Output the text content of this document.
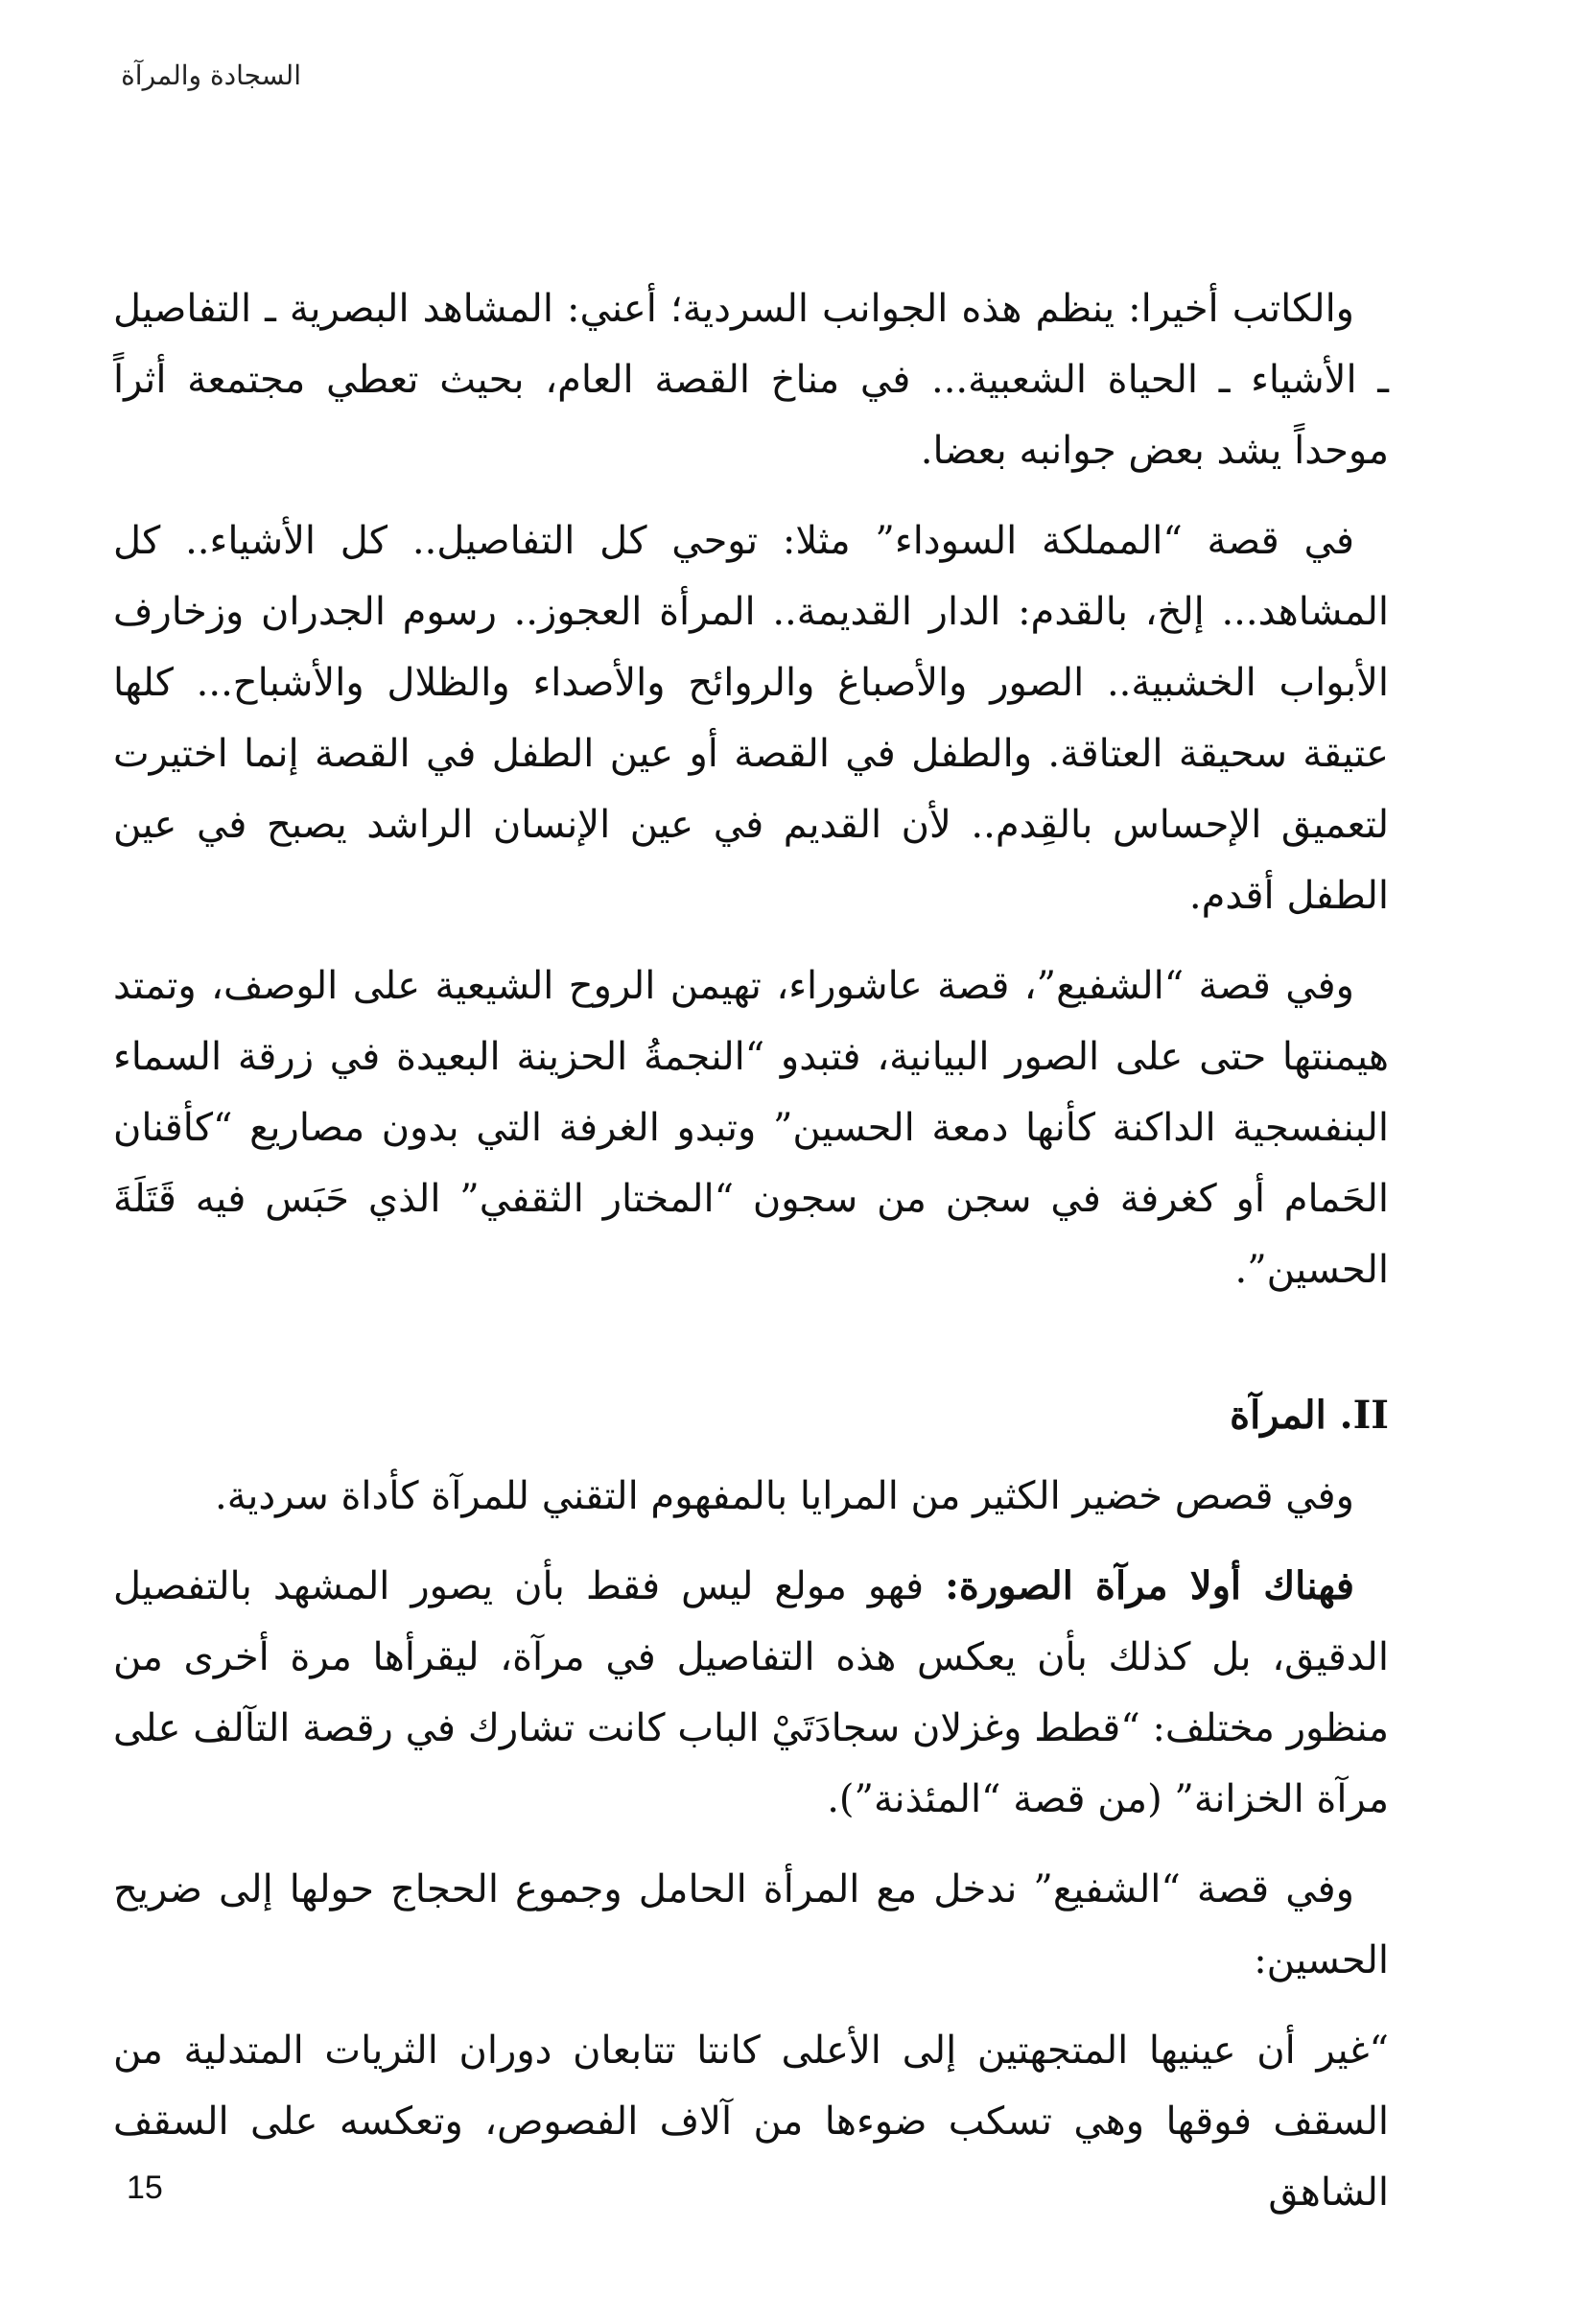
السجادة والمرآة

والكاتب أخيرا: ينظم هذه الجوانب السردية؛ أعني: المشاهد البصرية ـ التفاصيل ـ الأشياء ـ الحياة الشعبية... في مناخ القصة العام، بحيث تعطي مجتمعة أثراً موحداً يشد بعض جوانبه بعضا.

في قصة “المملكة السوداء” مثلا: توحي كل التفاصيل.. كل الأشياء.. كل المشاهد... إلخ، بالقدم: الدار القديمة.. المرأة العجوز.. رسوم الجدران وزخارف الأبواب الخشبية.. الصور والأصباغ والروائح والأصداء والظلال والأشباح... كلها عتيقة سحيقة العتاقة. والطفل في القصة أو عين الطفل في القصة إنما اختيرت لتعميق الإحساس بالقِدم.. لأن القديم في عين الإنسان الراشد يصبح في عين الطفل أقدم.

وفي قصة “الشفيع”، قصة عاشوراء، تهيمن الروح الشيعية على الوصف، وتمتد هيمنتها حتى على الصور البيانية، فتبدو “النجمةُ الحزينة البعيدة في زرقة السماء البنفسجية الداكنة كأنها دمعة الحسين” وتبدو الغرفة التي بدون مصاريع “كأقنان الحَمام أو كغرفة في سجن من سجون “المختار الثقفي” الذي حَبَس فيه قَتَلَةَ الحسين”.

II. المرآة

وفي قصص خضير الكثير من المرايا بالمفهوم التقني للمرآة كأداة سردية.

فهناك أولا مرآة الصورة: فهو مولع ليس فقط بأن يصور المشهد بالتفصيل الدقيق، بل كذلك بأن يعكس هذه التفاصيل في مرآة، ليقرأها مرة أخرى من منظور مختلف: “قطط وغزلان سجادَتَيْ الباب كانت تشارك في رقصة التآلف على مرآة الخزانة” (من قصة “المئذنة”).

وفي قصة “الشفيع” ندخل مع المرأة الحامل وجموع الحجاج حولها إلى ضريح الحسين:

“غير أن عينيها المتجهتين إلى الأعلى كانتا تتابعان دوران الثريات المتدلية من السقف فوقها وهي تسكب ضوءها من آلاف الفصوص، وتعكسه على السقف الشاهق

15
